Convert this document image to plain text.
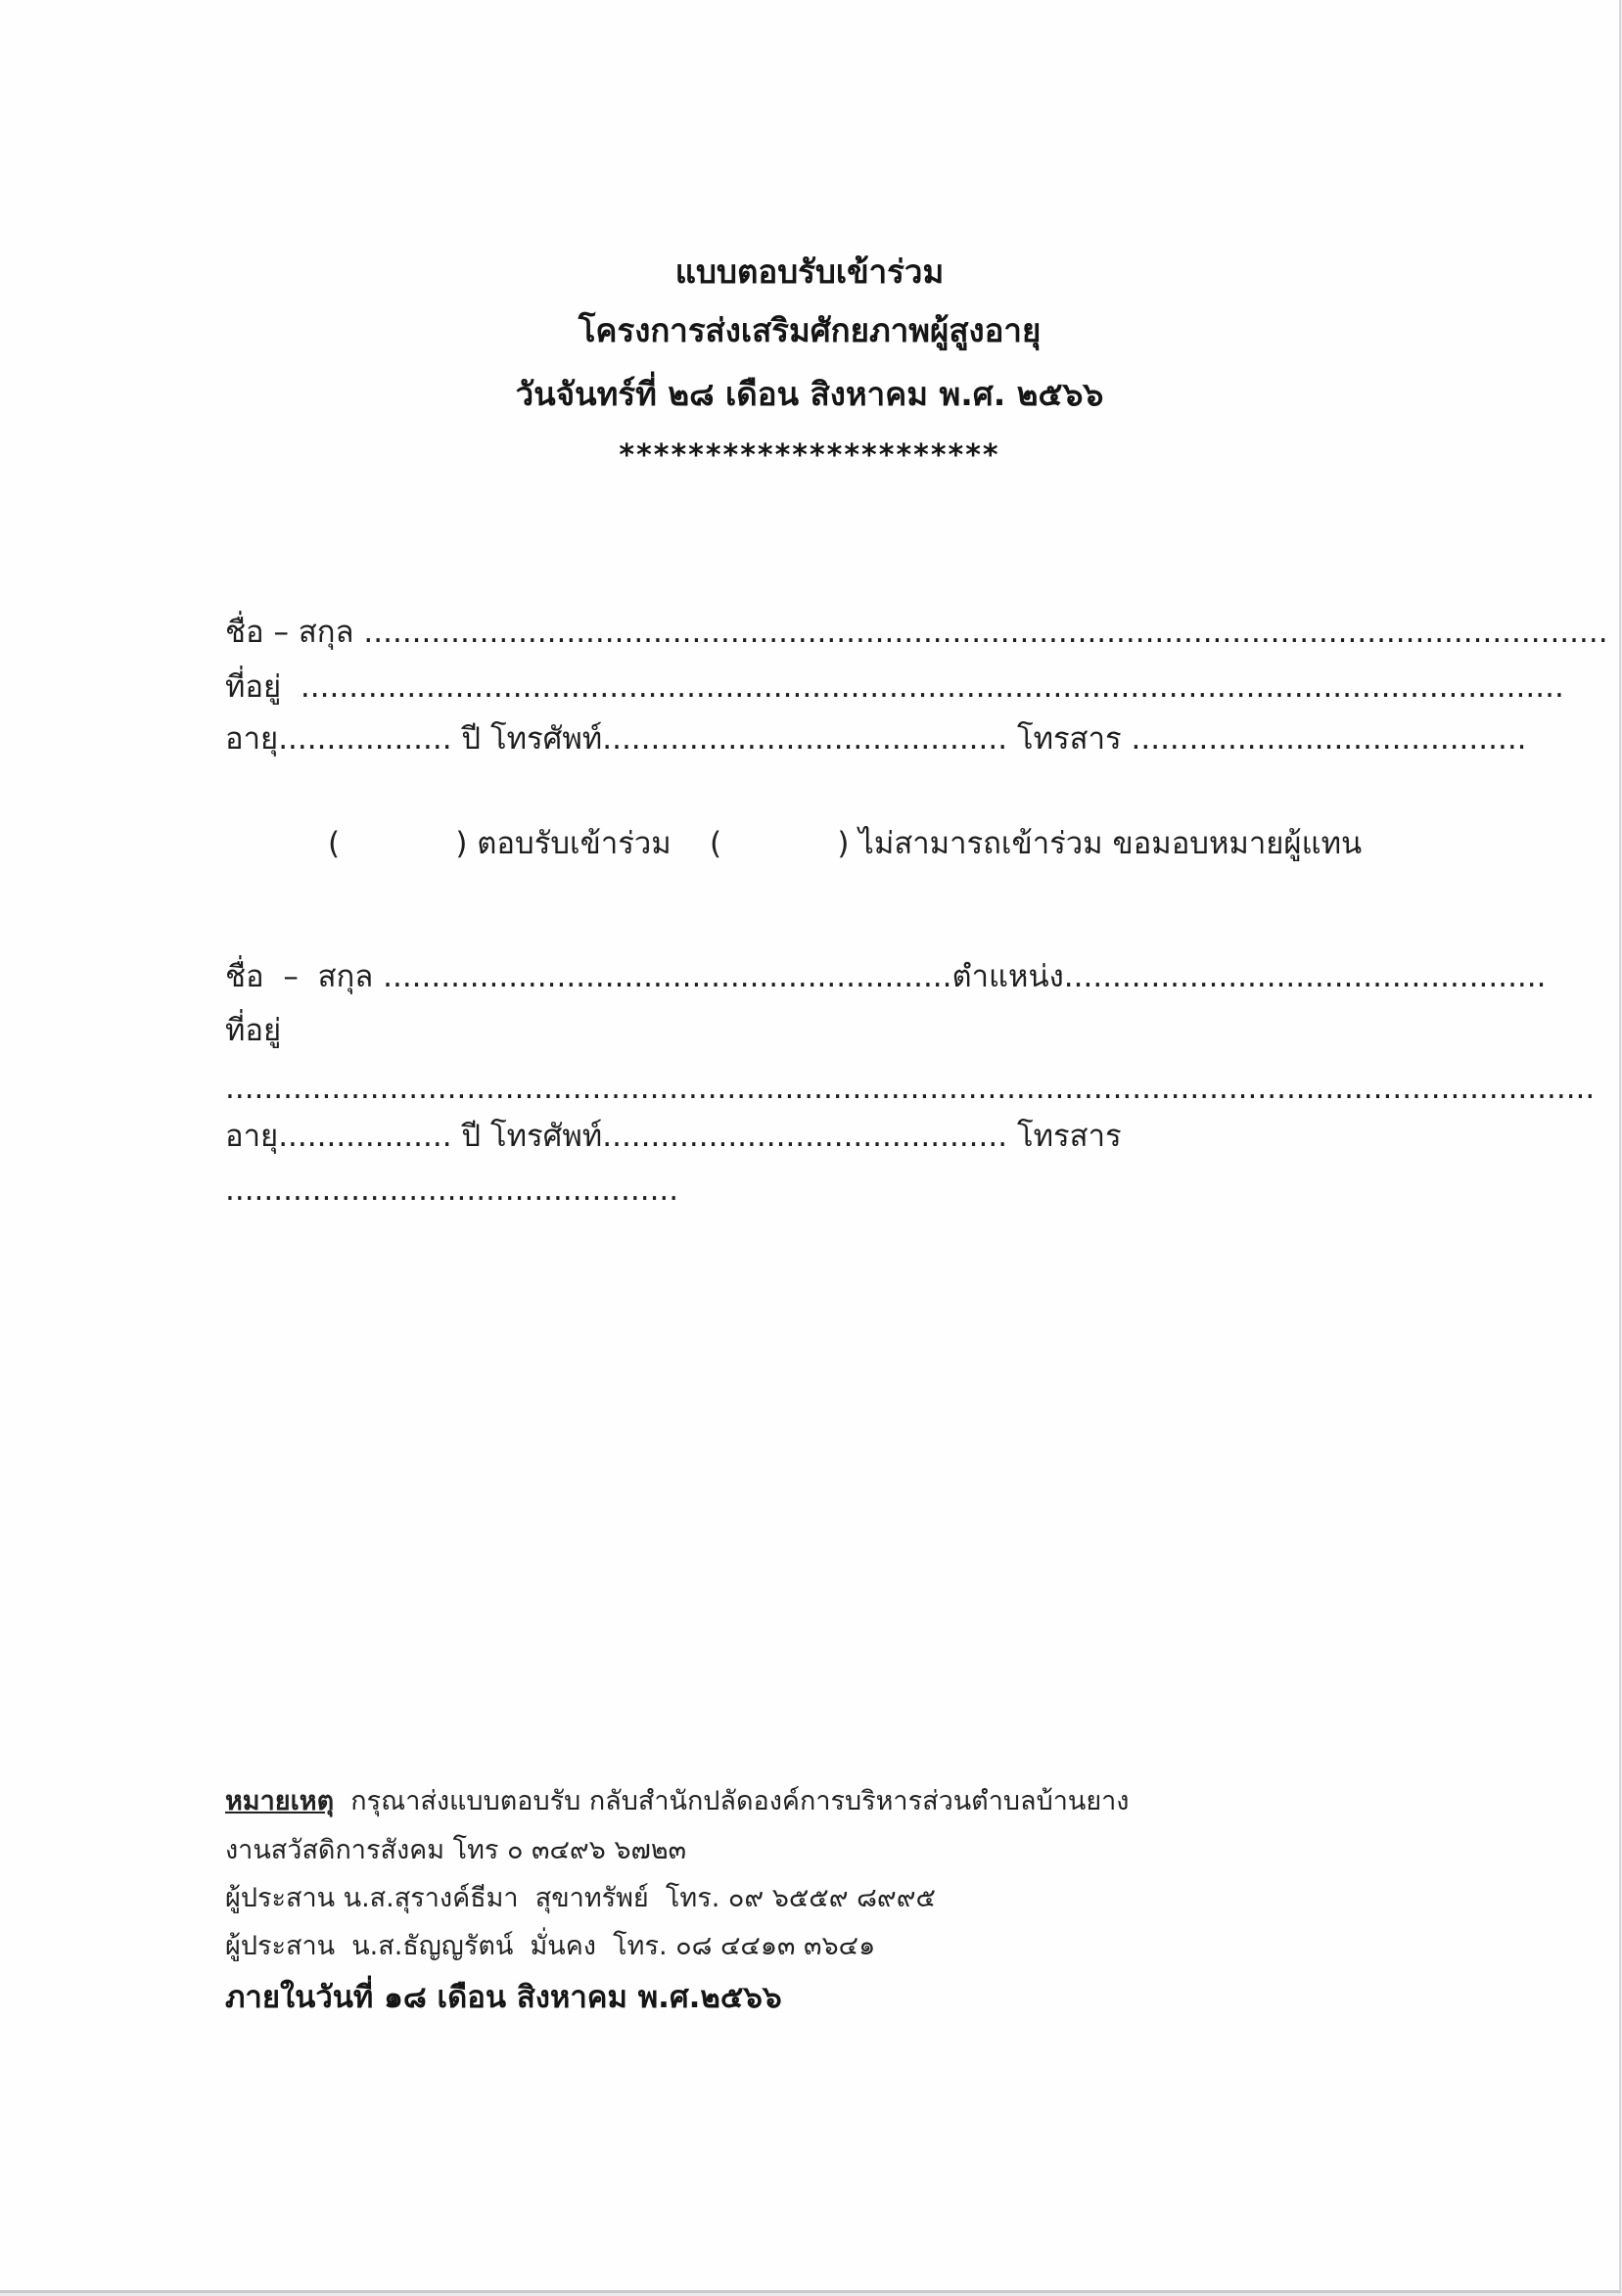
แบบตอบรับเข้าร่วม
โครงการส่งเสริมศักยภาพผู้สูงอายุ
วันจันทร์ที่ ๒๘ เดือน สิงหาคม พ.ศ. ๒๕๖๖
**********************
ชื่อ – สกุล .................................................................................................................................
ที่อยู่  ...................................................................................................................................
อายุ.................. ปี โทรศัพท์.......................................... โทรสาร .........................................
(            ) ตอบรับเข้าร่วม (            ) ไม่สามารถเข้าร่วม ขอมอบหมายผู้แทน
ชื่อ  –  สกุล ...........................................................ตำแหน่ง..................................................
ที่อยู่
..............................................................................................................................................
อายุ.................. ปี โทรศัพท์.......................................... โทรสาร
...............................................
หมายเหตุ  กรุณาส่งแบบตอบรับ กลับสำนักปลัดองค์การบริหารส่วนตำบลบ้านยาง
งานสวัสดิการสังคม โทร ๐ ๓๔๙๖ ๖๗๒๓
ผู้ประสาน น.ส.สุรางค์ธีมา  สุขาทรัพย์  โทร. ๐๙ ๖๕๕๙ ๘๙๙๕
ผู้ประสาน  น.ส.ธัญญรัตน์  มั่นคง  โทร. ๐๘ ๔๔๑๓ ๓๖๔๑
ภายในวันที่ ๑๘ เดือน สิงหาคม พ.ศ.๒๕๖๖
